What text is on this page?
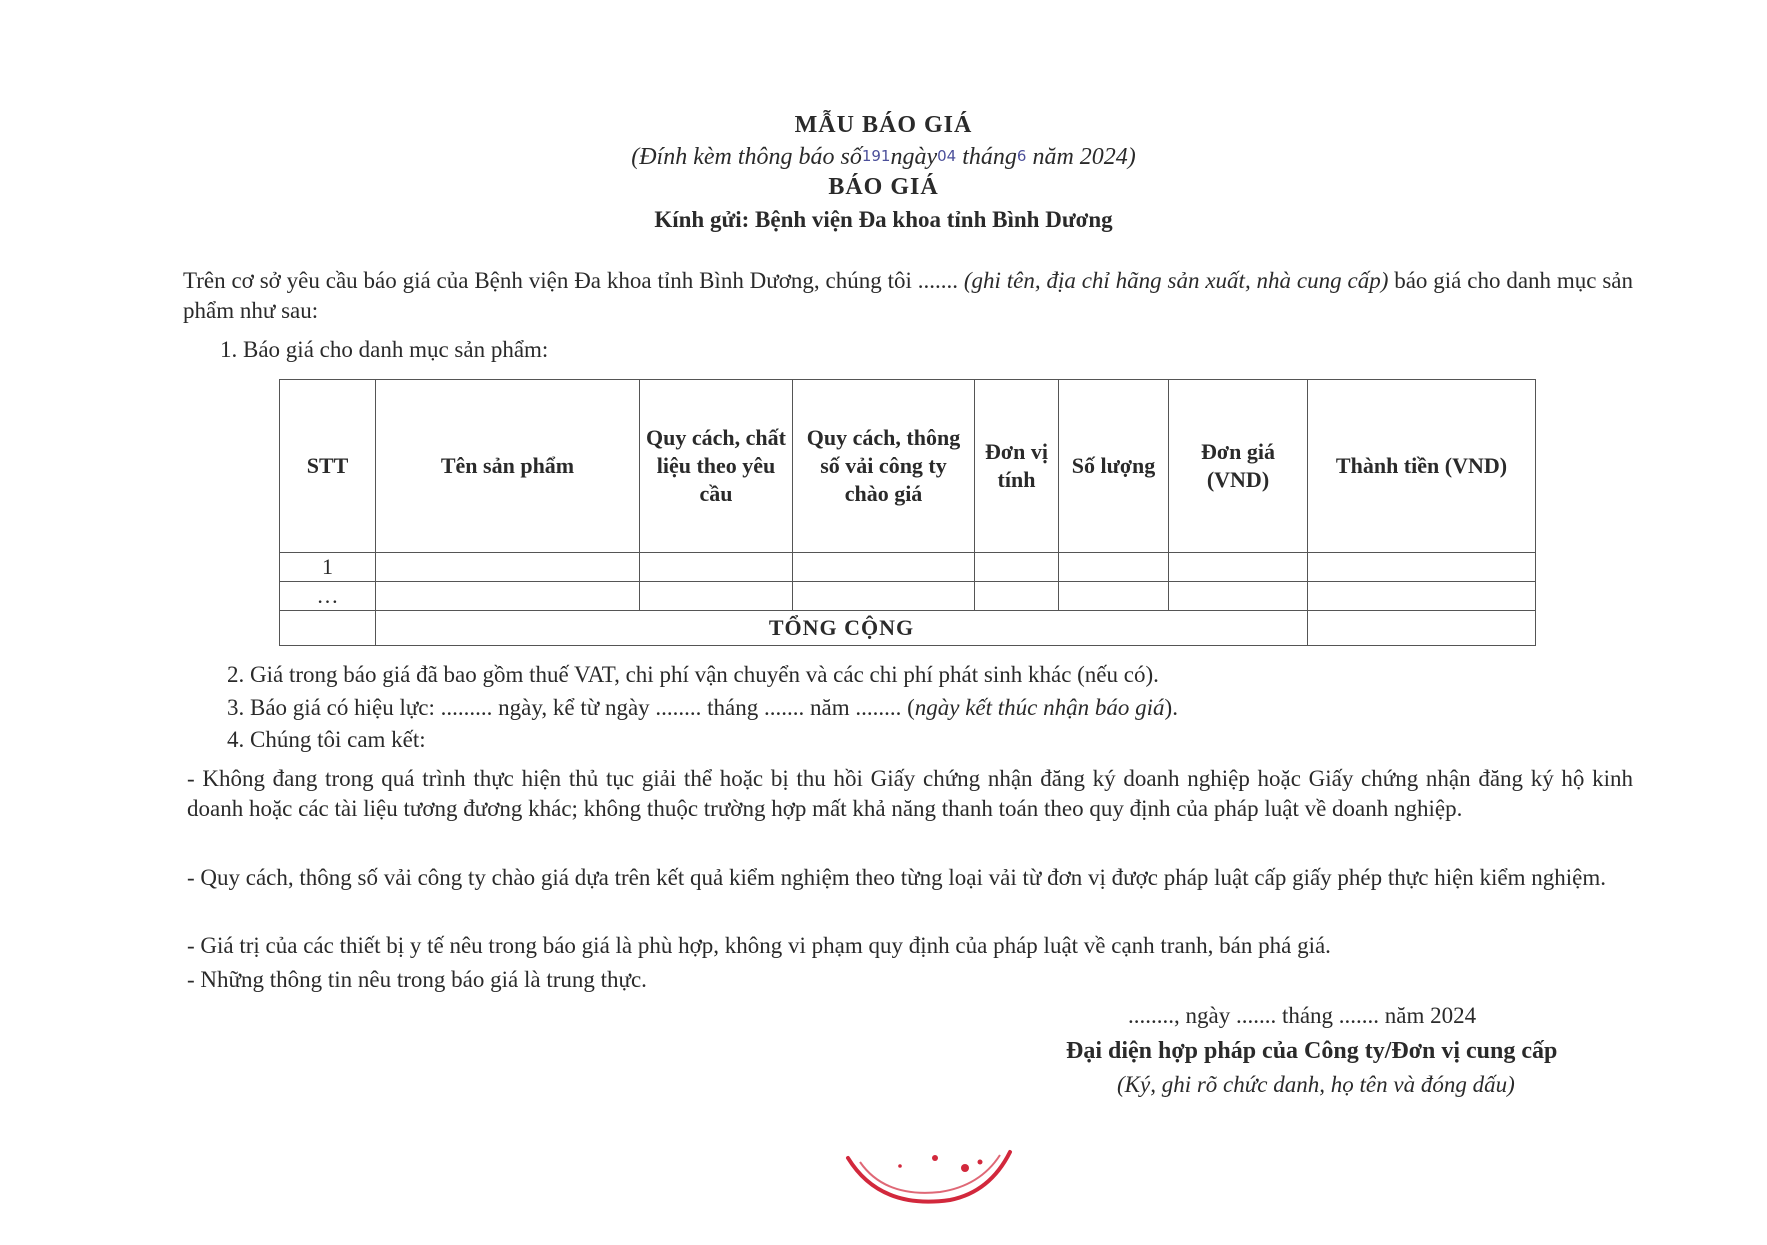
MẪU BÁO GIÁ
(Đính kèm thông báo số191ngày04 tháng6 năm 2024)
BÁO GIÁ
Kính gửi: Bệnh viện Đa khoa tỉnh Bình Dương
Trên cơ sở yêu cầu báo giá của Bệnh viện Đa khoa tỉnh Bình Dương, chúng tôi ....... (ghi tên, địa chỉ hãng sản xuất, nhà cung cấp) báo giá cho danh mục sản phẩm như sau:
1. Báo giá cho danh mục sản phẩm:
STT	Tên sản phẩm	Quy cách, chất liệu theo yêu cầu	Quy cách, thông số vải công ty chào giá	Đơn vị tính	Số lượng	Đơn giá (VND)	Thành tiền (VND)
1							
…							
	TỔNG CỘNG						
2. Giá trong báo giá đã bao gồm thuế VAT, chi phí vận chuyển và các chi phí phát sinh khác (nếu có).
3. Báo giá có hiệu lực: ......... ngày, kể từ ngày ........ tháng ....... năm ........ (ngày kết thúc nhận báo giá).
4. Chúng tôi cam kết:
- Không đang trong quá trình thực hiện thủ tục giải thể hoặc bị thu hồi Giấy chứng nhận đăng ký doanh nghiệp hoặc Giấy chứng nhận đăng ký hộ kinh doanh hoặc các tài liệu tương đương khác; không thuộc trường hợp mất khả năng thanh toán theo quy định của pháp luật về doanh nghiệp.
- Quy cách, thông số vải công ty chào giá dựa trên kết quả kiểm nghiệm theo từng loại vải từ đơn vị được pháp luật cấp giấy phép thực hiện kiểm nghiệm.
- Giá trị của các thiết bị y tế nêu trong báo giá là phù hợp, không vi phạm quy định của pháp luật về cạnh tranh, bán phá giá.
- Những thông tin nêu trong báo giá là trung thực.
........, ngày ....... tháng ....... năm 2024
Đại diện hợp pháp của Công ty/Đơn vị cung cấp
(Ký, ghi rõ chức danh, họ tên và đóng dấu)
